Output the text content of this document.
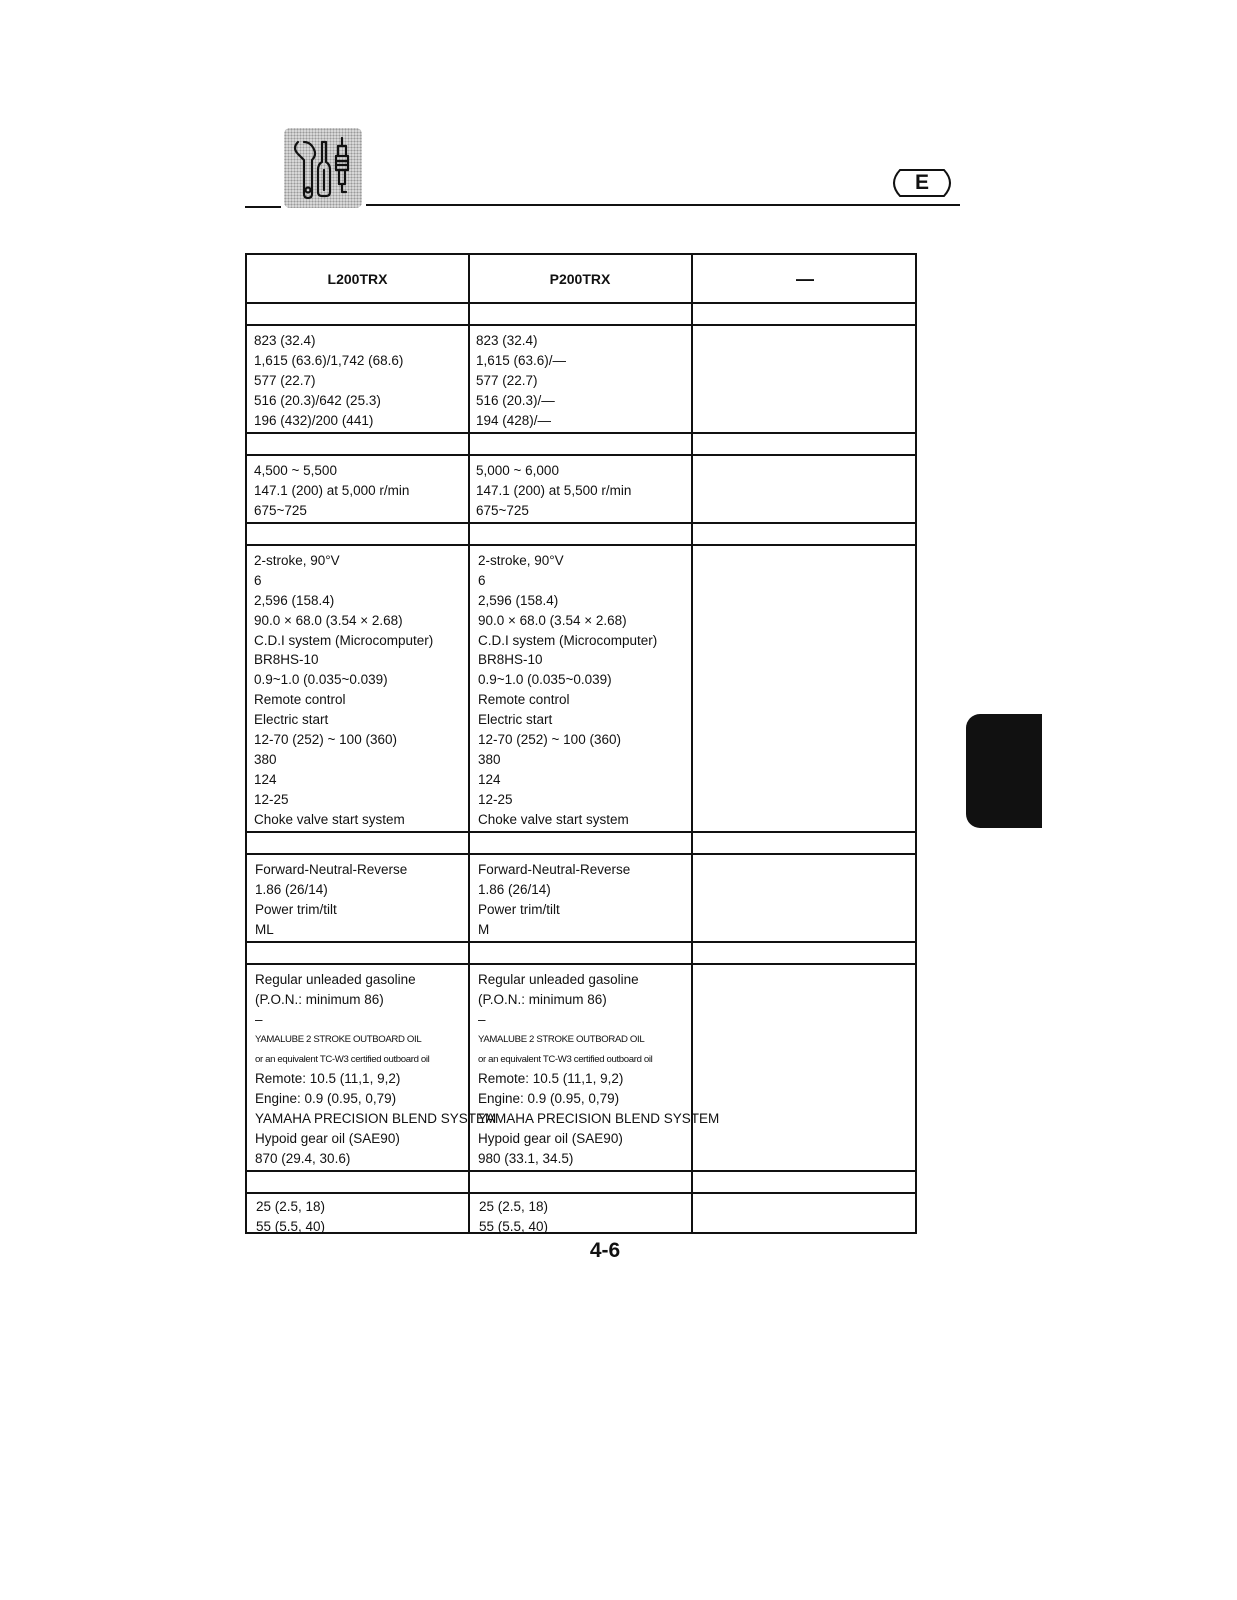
E
L200TRX	P200TRX	—
823 (32.4)
1,615 (63.6)/1,742 (68.6)
577 (22.7)
516 (20.3)/642 (25.3)
196 (432)/200 (441)
823 (32.4)
1,615 (63.6)/—
577 (22.7)
516 (20.3)/—
194 (428)/—
4,500 ~ 5,500
147.1 (200) at 5,000 r/min
675~725
5,000 ~ 6,000
147.1 (200) at 5,500 r/min
675~725
2-stroke, 90°V
6
2,596 (158.4)
90.0 × 68.0 (3.54 × 2.68)
C.D.I system (Microcomputer)
BR8HS-10
0.9~1.0 (0.035~0.039)
Remote control
Electric start
12-70 (252) ~ 100 (360)
380
124
12-25
Choke valve start system
2-stroke, 90°V
6
2,596 (158.4)
90.0 × 68.0 (3.54 × 2.68)
C.D.I system (Microcomputer)
BR8HS-10
0.9~1.0 (0.035~0.039)
Remote control
Electric start
12-70 (252) ~ 100 (360)
380
124
12-25
Choke valve start system
Forward-Neutral-Reverse
1.86 (26/14)
Power trim/tilt
ML
Forward-Neutral-Reverse
1.86 (26/14)
Power trim/tilt
M
Regular unleaded gasoline
(P.O.N.: minimum 86)
–
YAMALUBE 2 STROKE OUTBOARD OIL
or an equivalent TC-W3 certified outboard oil
Remote: 10.5 (11,1, 9,2)
Engine: 0.9 (0.95, 0,79)
YAMAHA PRECISION BLEND SYSTEM
Hypoid gear oil (SAE90)
870 (29.4, 30.6)
Regular unleaded gasoline
(P.O.N.: minimum 86)
–
YAMALUBE 2 STROKE OUTBORAD OIL
or an equivalent TC-W3 certified outboard oil
Remote: 10.5 (11,1, 9,2)
Engine: 0.9 (0.95, 0,79)
YAMAHA PRECISION BLEND SYSTEM
Hypoid gear oil (SAE90)
980 (33.1, 34.5)
25 (2.5, 18)
55 (5.5, 40)
25 (2.5, 18)
55 (5.5, 40)
4-6
